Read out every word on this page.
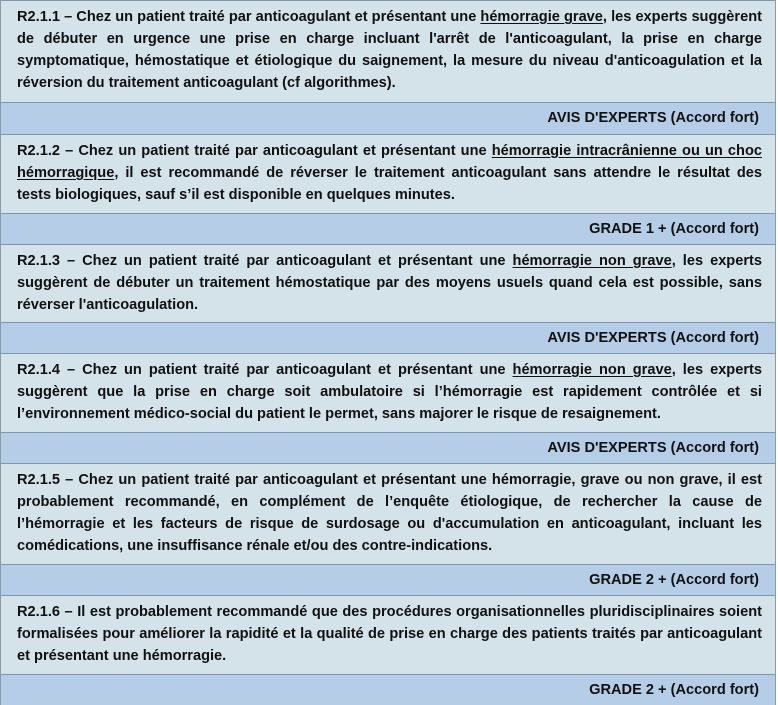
R2.1.1 – Chez un patient traité par anticoagulant et présentant une hémorragie grave, les experts suggèrent de débuter en urgence une prise en charge incluant l'arrêt de l'anticoagulant, la prise en charge symptomatique, hémostatique et étiologique du saignement, la mesure du niveau d'anticoagulation et la réversion du traitement anticoagulant (cf algorithmes).
AVIS D'EXPERTS (Accord fort)
R2.1.2 – Chez un patient traité par anticoagulant et présentant une hémorragie intracrânienne ou un choc hémorragique, il est recommandé de réverser le traitement anticoagulant sans attendre le résultat des tests biologiques, sauf s’il est disponible en quelques minutes.
GRADE 1 + (Accord fort)
R2.1.3 – Chez un patient traité par anticoagulant et présentant une hémorragie non grave, les experts suggèrent de débuter un traitement hémostatique par des moyens usuels quand cela est possible, sans réverser l'anticoagulation.
AVIS D'EXPERTS (Accord fort)
R2.1.4 – Chez un patient traité par anticoagulant et présentant une hémorragie non grave, les experts suggèrent que la prise en charge soit ambulatoire si l’hémorragie est rapidement contrôlée et si l’environnement médico-social du patient le permet, sans majorer le risque de resaignement.
AVIS D'EXPERTS (Accord fort)
R2.1.5 – Chez un patient traité par anticoagulant et présentant une hémorragie, grave ou non grave, il est probablement recommandé, en complément de l’enquête étiologique, de rechercher la cause de l’hémorragie et les facteurs de risque de surdosage ou d'accumulation en anticoagulant, incluant les comédications, une insuffisance rénale et/ou des contre-indications.
GRADE 2 + (Accord fort)
R2.1.6 – Il est probablement recommandé que des procédures organisationnelles pluridisciplinaires soient formalisées pour améliorer la rapidité et la qualité de prise en charge des patients traités par anticoagulant et présentant une hémorragie.
GRADE 2 + (Accord fort)
